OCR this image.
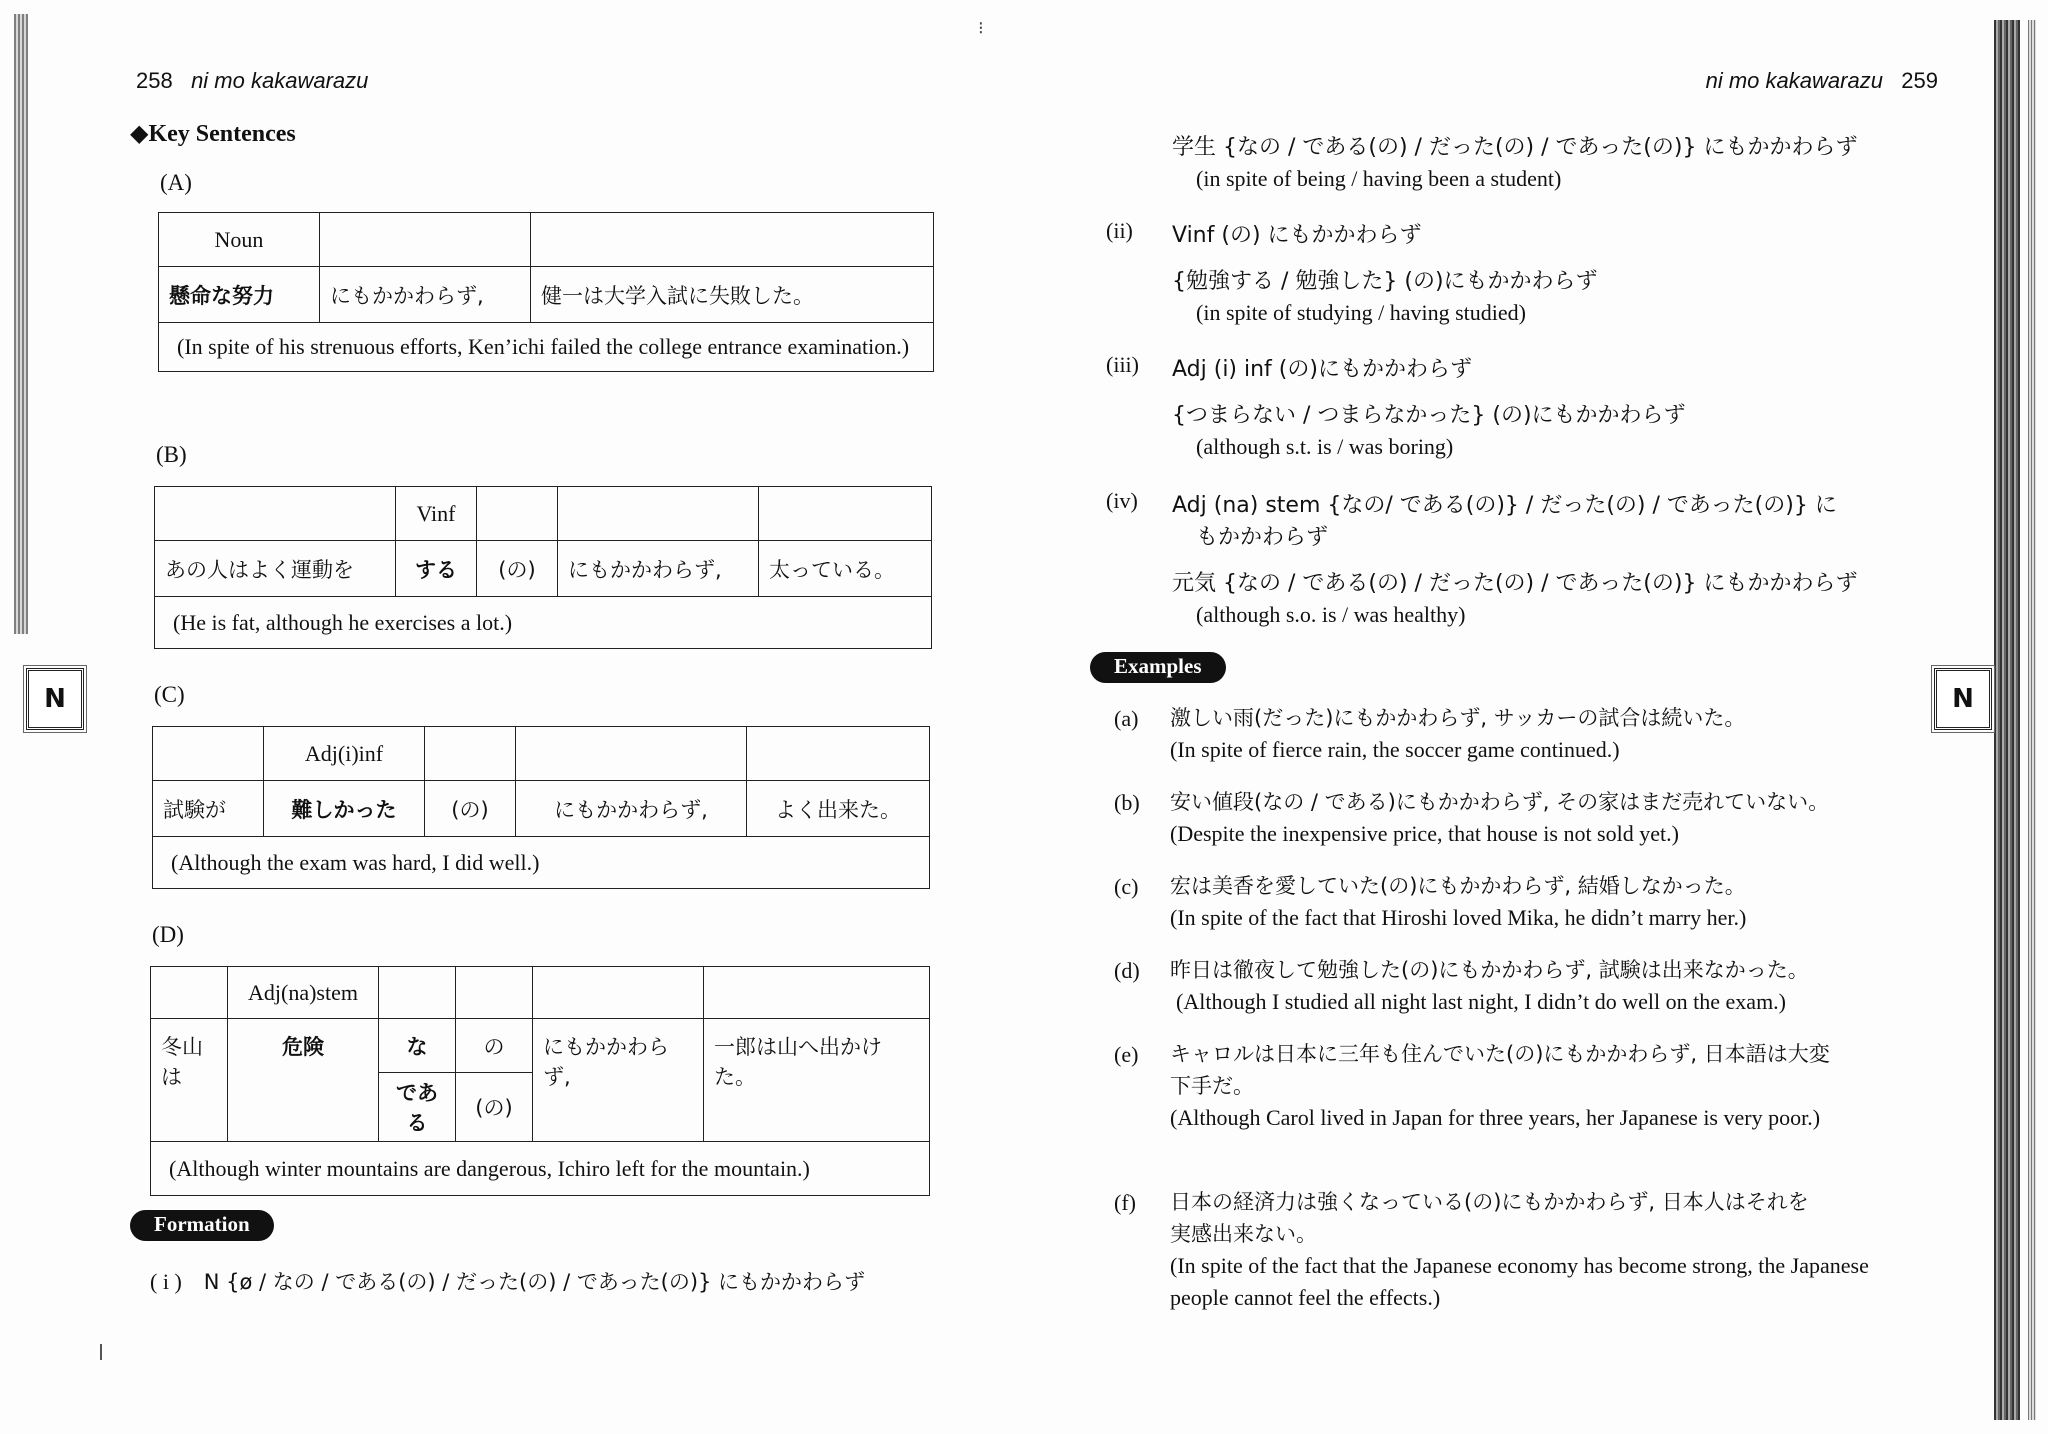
⁝
N	N
258 ni mo kakawarazu
◆Key Sentences
(A)
Noun		
懸命な努力	にもかかわらず,	健一は大学入試に失敗した。
(In spite of his strenuous efforts, Ken’ichi failed the college entrance examination.)		
(B)
	Vinf			
あの人はよく運動を	する	(の)	にもかかわらず,	太っている。
(He is fat, although he exercises a lot.)				
(C)
	Adj(i)inf			
試験が	難しかった	(の)	にもかかわらず,	よく出来た。
(Although the exam was hard, I did well.)				
(D)
	Adj(na)stem				
冬山は	危険	な	の	にもかかわらず,	一郎は山へ出かけた。
		である	(の)		
(Although winter mountains are dangerous, Ichiro left for the mountain.)					
Formation
( i ) N {ø / なの / である(の) / だった(の) / であった(の)} にもかかわらず
ni mo kakawarazu 259
学生 {なの / である(の) / だった(の) / であった(の)} にもかかわらず
(in spite of being / having been a student)
(ii) Vinf (の) にもかかわらず
{勉強する / 勉強した} (の)にもかかわらず
(in spite of studying / having studied)
(iii) Adj (i) inf (の)にもかかわらず
{つまらない / つまらなかった} (の)にもかかわらず
(although s.t. is / was boring)
(iv) Adj (na) stem {なの/ である(の)} / だった(の) / であった(の)} に
もかかわらず
元気 {なの / である(の) / だった(の) / であった(の)} にもかかわらず
(although s.o. is / was healthy)
Examples
(a) 激しい雨(だった)にもかかわらず, サッカーの試合は続いた。
(In spite of fierce rain, the soccer game continued.)
(b) 安い値段(なの / である)にもかかわらず, その家はまだ売れていない。
(Despite the inexpensive price, that house is not sold yet.)
(c) 宏は美香を愛していた(の)にもかかわらず, 結婚しなかった。
(In spite of the fact that Hiroshi loved Mika, he didn’t marry her.)
(d) 昨日は徹夜して勉強した(の)にもかかわらず, 試験は出来なかった。
(Although I studied all night last night, I didn’t do well on the exam.)
(e) キャロルは日本に三年も住んでいた(の)にもかかわらず, 日本語は大変
下手だ。
(Although Carol lived in Japan for three years, her Japanese is very poor.)
(f) 日本の経済力は強くなっている(の)にもかかわらず, 日本人はそれを
実感出来ない。
(In spite of the fact that the Japanese economy has become strong, the Japanese people cannot feel the effects.)
